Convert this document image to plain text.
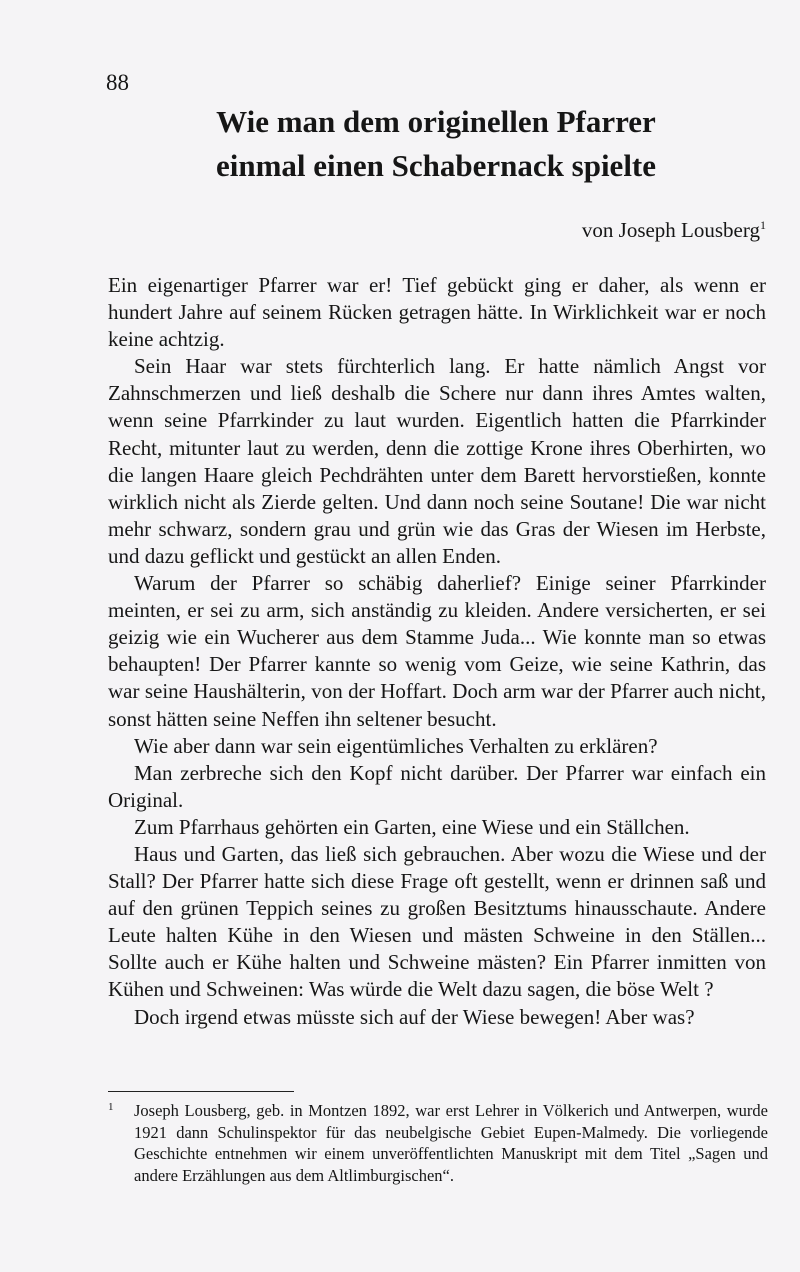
88
Wie man dem originellen Pfarrer
einmal einen Schabernack spielte
von Joseph Lousberg$^1$

Ein eigenartiger Pfarrer war er! Tief gebückt ging er daher, als wenn er hundert Jahre auf seinem Rücken getragen hätte. In Wirklichkeit war er noch keine achtzig.

Sein Haar war stets fürchterlich lang. Er hatte nämlich Angst vor Zahnschmerzen und ließ deshalb die Schere nur dann ihres Amtes walten, wenn seine Pfarrkinder zu laut wurden. Eigentlich hatten die Pfarrkinder Recht, mitunter laut zu werden, denn die zottige Krone ihres Oberhirten, wo die langen Haare gleich Pechdrähten unter dem Barett hervorstießen, konnte wirklich nicht als Zierde gelten. Und dann noch seine Soutane! Die war nicht mehr schwarz, sondern grau und grün wie das Gras der Wiesen im Herbste, und dazu geflickt und gestückt an allen Enden.

Warum der Pfarrer so schäbig daherlief? Einige seiner Pfarrkinder meinten, er sei zu arm, sich anständig zu kleiden. Andere versicherten, er sei geizig wie ein Wucherer aus dem Stamme Juda... Wie konnte man so etwas behaupten! Der Pfarrer kannte so wenig vom Geize, wie seine Kathrin, das war seine Haushälterin, von der Hoffart. Doch arm war der Pfarrer auch nicht, sonst hätten seine Neffen ihn seltener besucht.

Wie aber dann war sein eigentümliches Verhalten zu erklären?

Man zerbreche sich den Kopf nicht darüber. Der Pfarrer war einfach ein Original.

Zum Pfarrhaus gehörten ein Garten, eine Wiese und ein Ställchen.

Haus und Garten, das ließ sich gebrauchen. Aber wozu die Wiese und der Stall? Der Pfarrer hatte sich diese Frage oft gestellt, wenn er drinnen saß und auf den grünen Teppich seines zu großen Besitztums hinausschaute. Andere Leute halten Kühe in den Wiesen und mästen Schweine in den Ställen... Sollte auch er Kühe halten und Schweine mästen? Ein Pfarrer inmitten von Kühen und Schweinen: Was würde die Welt dazu sagen, die böse Welt ?

Doch irgend etwas müsste sich auf der Wiese bewegen! Aber was?

1 Joseph Lousberg, geb. in Montzen 1892, war erst Lehrer in Völkerich und Antwerpen, wurde 1921 dann Schulinspektor für das neubelgische Gebiet Eupen-Malmedy. Die vorliegende Geschichte entnehmen wir einem unveröffentlichten Manuskript mit dem Titel „Sagen und andere Erzählungen aus dem Altlimburgischen“.
